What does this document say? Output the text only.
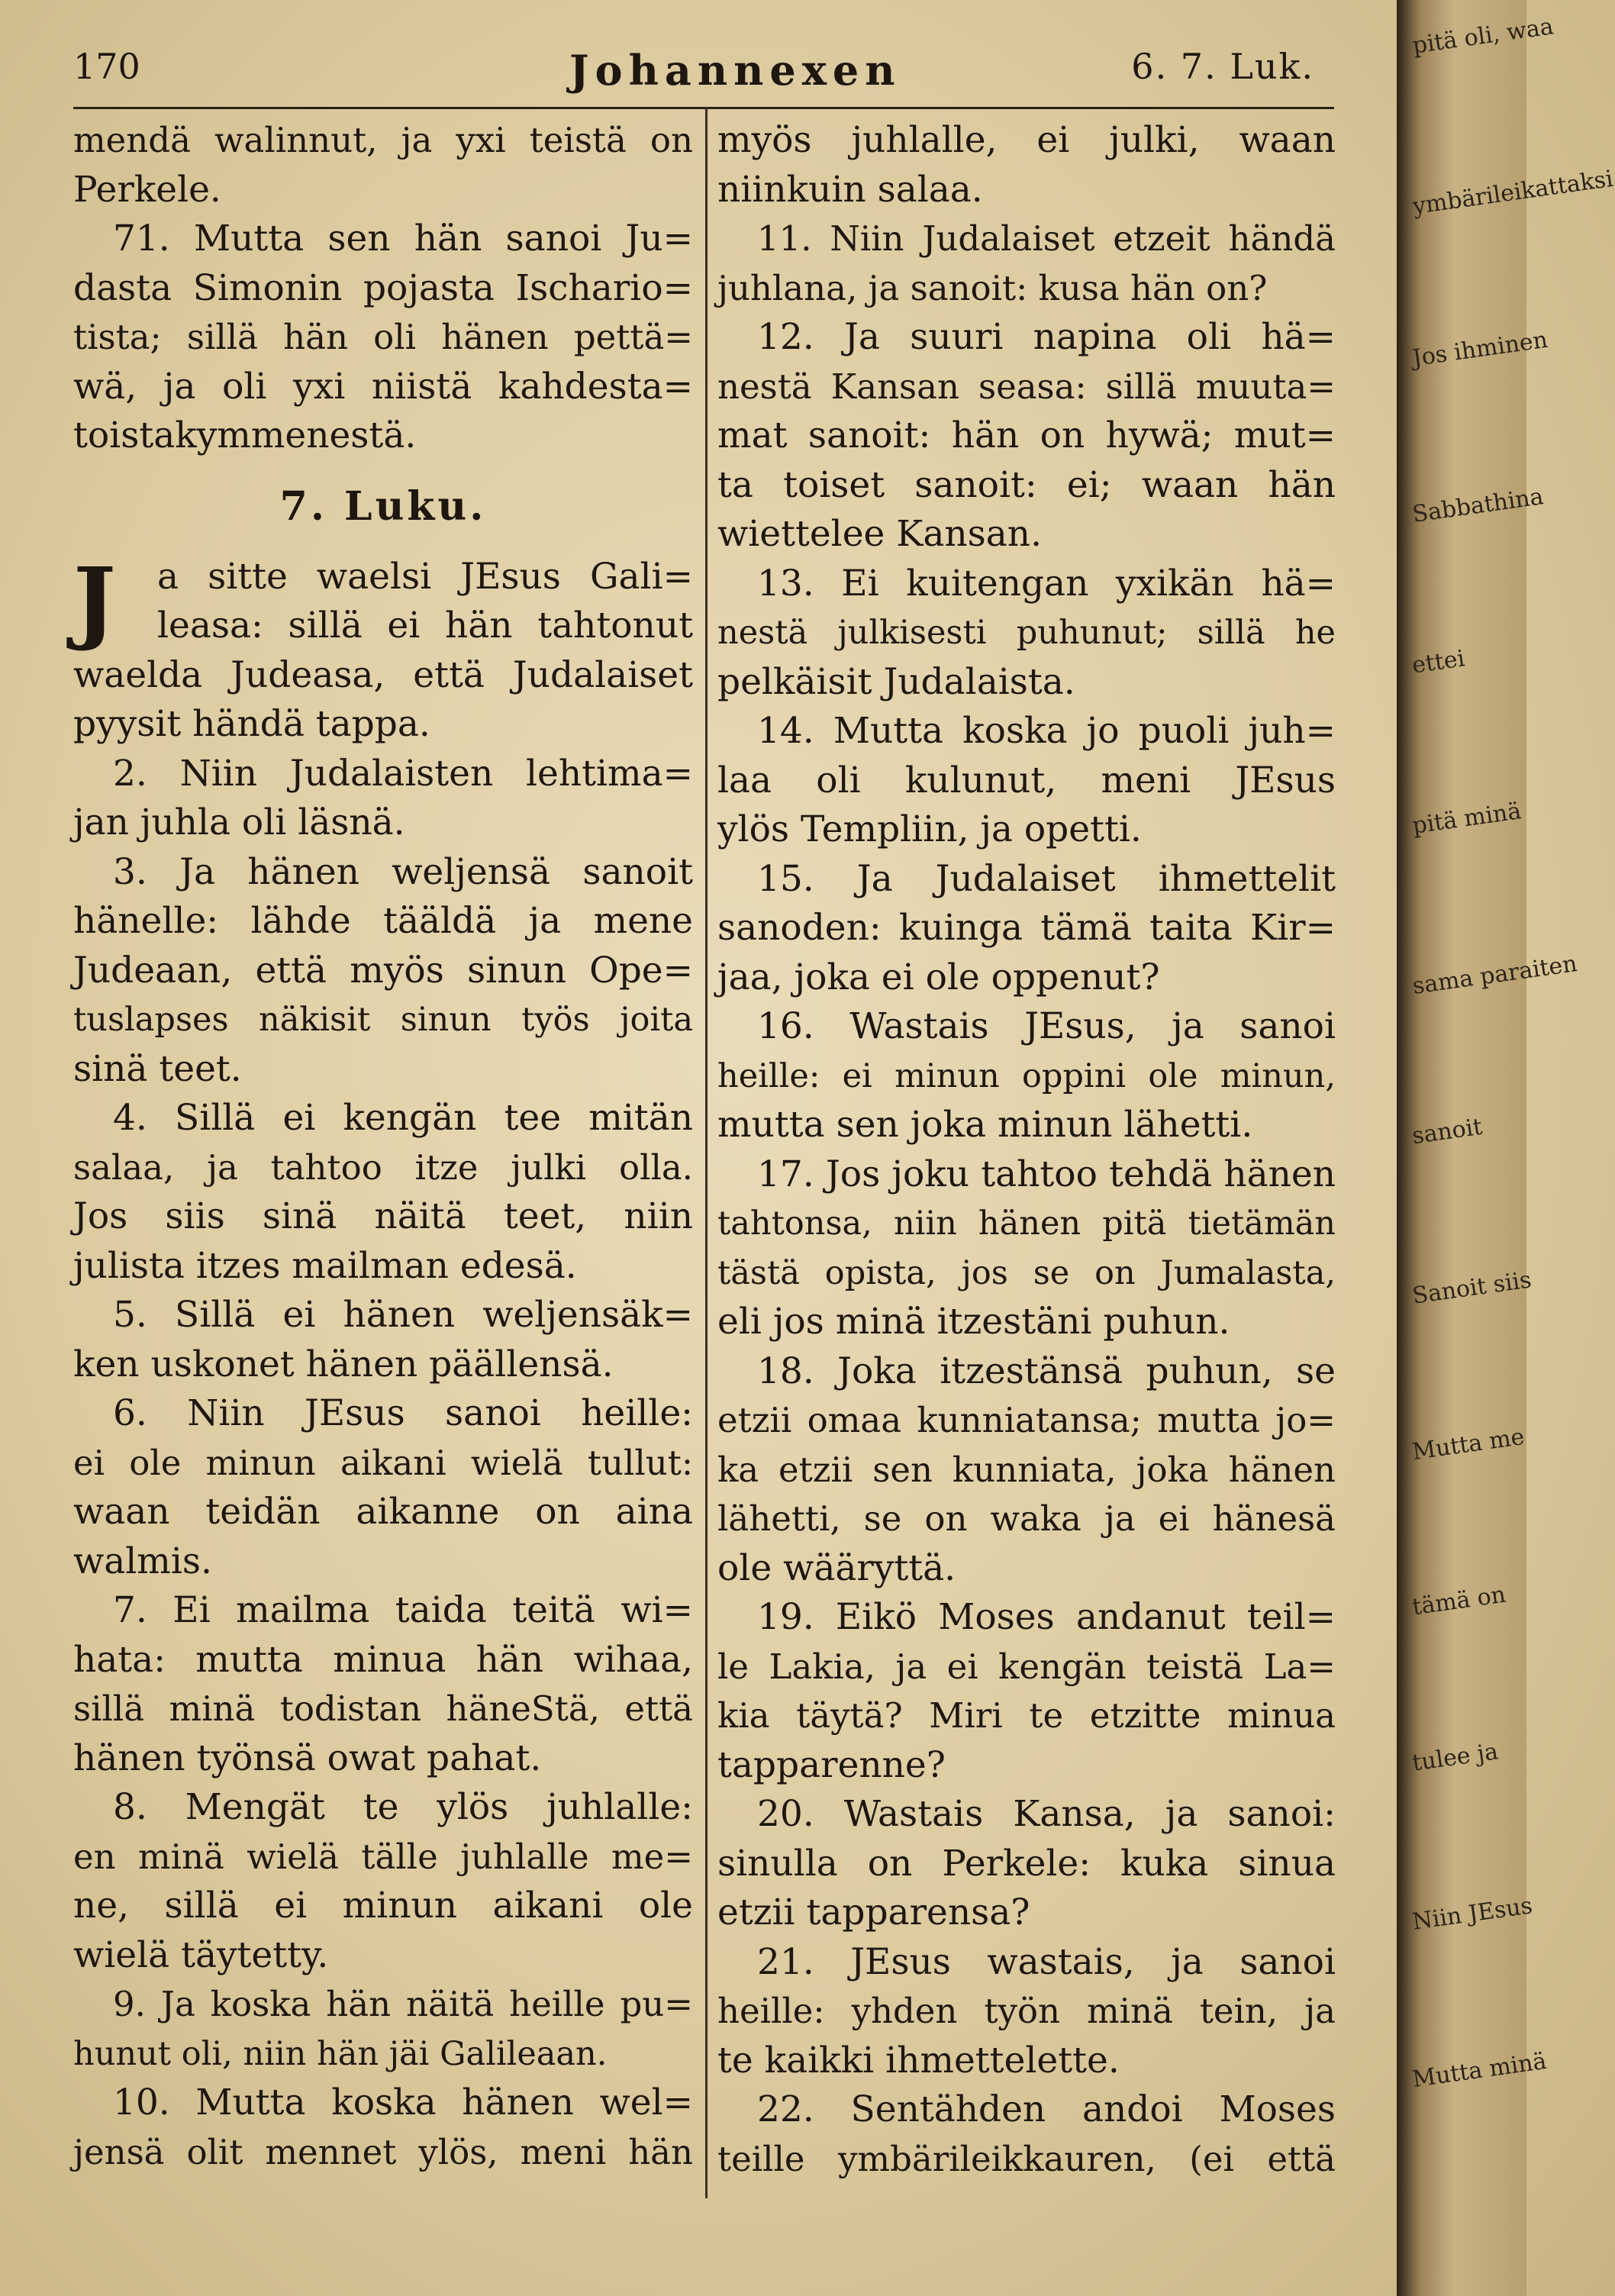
170	Johannexen	6. 7. Luk.
mendä walinnut, ja yxi teistä on
Perkele.
71. Mutta sen hän sanoi Ju=
dasta Simonin pojasta Ischario=
tista; sillä hän oli hänen pettä=
wä, ja oli yxi niistä kahdesta=
toistakymmenestä.
7. Luku.
J	a sitte waelsi JEsus Gali=
leasa: sillä ei hän tahtonut
waelda Judeasa, että Judalaiset
pyysit händä tappa.
2. Niin Judalaisten lehtima=
jan juhla oli läsnä.
3. Ja hänen weljensä sanoit
hänelle: lähde tääldä ja mene
Judeaan, että myös sinun Ope=
tuslapses näkisit sinun työs joita
sinä teet.
4. Sillä ei kengän tee mitän
salaa, ja tahtoo itze julki olla.
Jos siis sinä näitä teet, niin
julista itzes mailman edesä.
5. Sillä ei hänen weljensäk=
ken uskonet hänen päällensä.
6. Niin JEsus sanoi heille:
ei ole minun aikani wielä tullut:
waan teidän aikanne on aina
walmis.
7. Ei mailma taida teitä wi=
hata: mutta minua hän wihaa,
sillä minä todistan häneStä, että
hänen työnsä owat pahat.
8. Mengät te ylös juhlalle:
en minä wielä tälle juhlalle me=
ne, sillä ei minun aikani ole
wielä täytetty.
9. Ja koska hän näitä heille pu=
hunut oli, niin hän jäi Galileaan.
10. Mutta koska hänen wel=
jensä olit mennet ylös, meni hän
myös juhlalle, ei julki, waan
niinkuin salaa.
11. Niin Judalaiset etzeit händä
juhlana, ja sanoit: kusa hän on?
12. Ja suuri napina oli hä=
nestä Kansan seasa: sillä muuta=
mat sanoit: hän on hywä; mut=
ta toiset sanoit: ei; waan hän
wiettelee Kansan.
13. Ei kuitengan yxikän hä=
nestä julkisesti puhunut; sillä he
pelkäisit Judalaista.
14. Mutta koska jo puoli juh=
laa oli kulunut, meni JEsus
ylös Templiin, ja opetti.
15. Ja Judalaiset ihmettelit
sanoden: kuinga tämä taita Kir=
jaa, joka ei ole oppenut?
16. Wastais JEsus, ja sanoi
heille: ei minun oppini ole minun,
mutta sen joka minun lähetti.
17. Jos joku tahtoo tehdä hänen
tahtonsa, niin hänen pitä tietämän
tästä opista, jos se on Jumalasta,
eli jos minä itzestäni puhun.
18. Joka itzestänsä puhun, se
etzii omaa kunniatansa; mutta jo=
ka etzii sen kunniata, joka hänen
lähetti, se on waka ja ei hänesä
ole wääryttä.
19. Eikö Moses andanut teil=
le Lakia, ja ei kengän teistä La=
kia täytä? Miri te etzitte minua
tapparenne?
20. Wastais Kansa, ja sanoi:
sinulla on Perkele: kuka sinua
etzii tapparensa?
21. JEsus wastais, ja sanoi
heille: yhden työn minä tein, ja
te kaikki ihmettelette.
22. Sentähden andoi Moses
teille ymbärileikkauren, (ei että
pitä oli, waa
ymbärileikattaksi
Jos ihminen
Sabbathina
ettei
pitä minä
sama paraiten
sanoit
Sanoit siis
Mutta me
tämä on
tulee ja
Niin JEsus
Mutta minä
